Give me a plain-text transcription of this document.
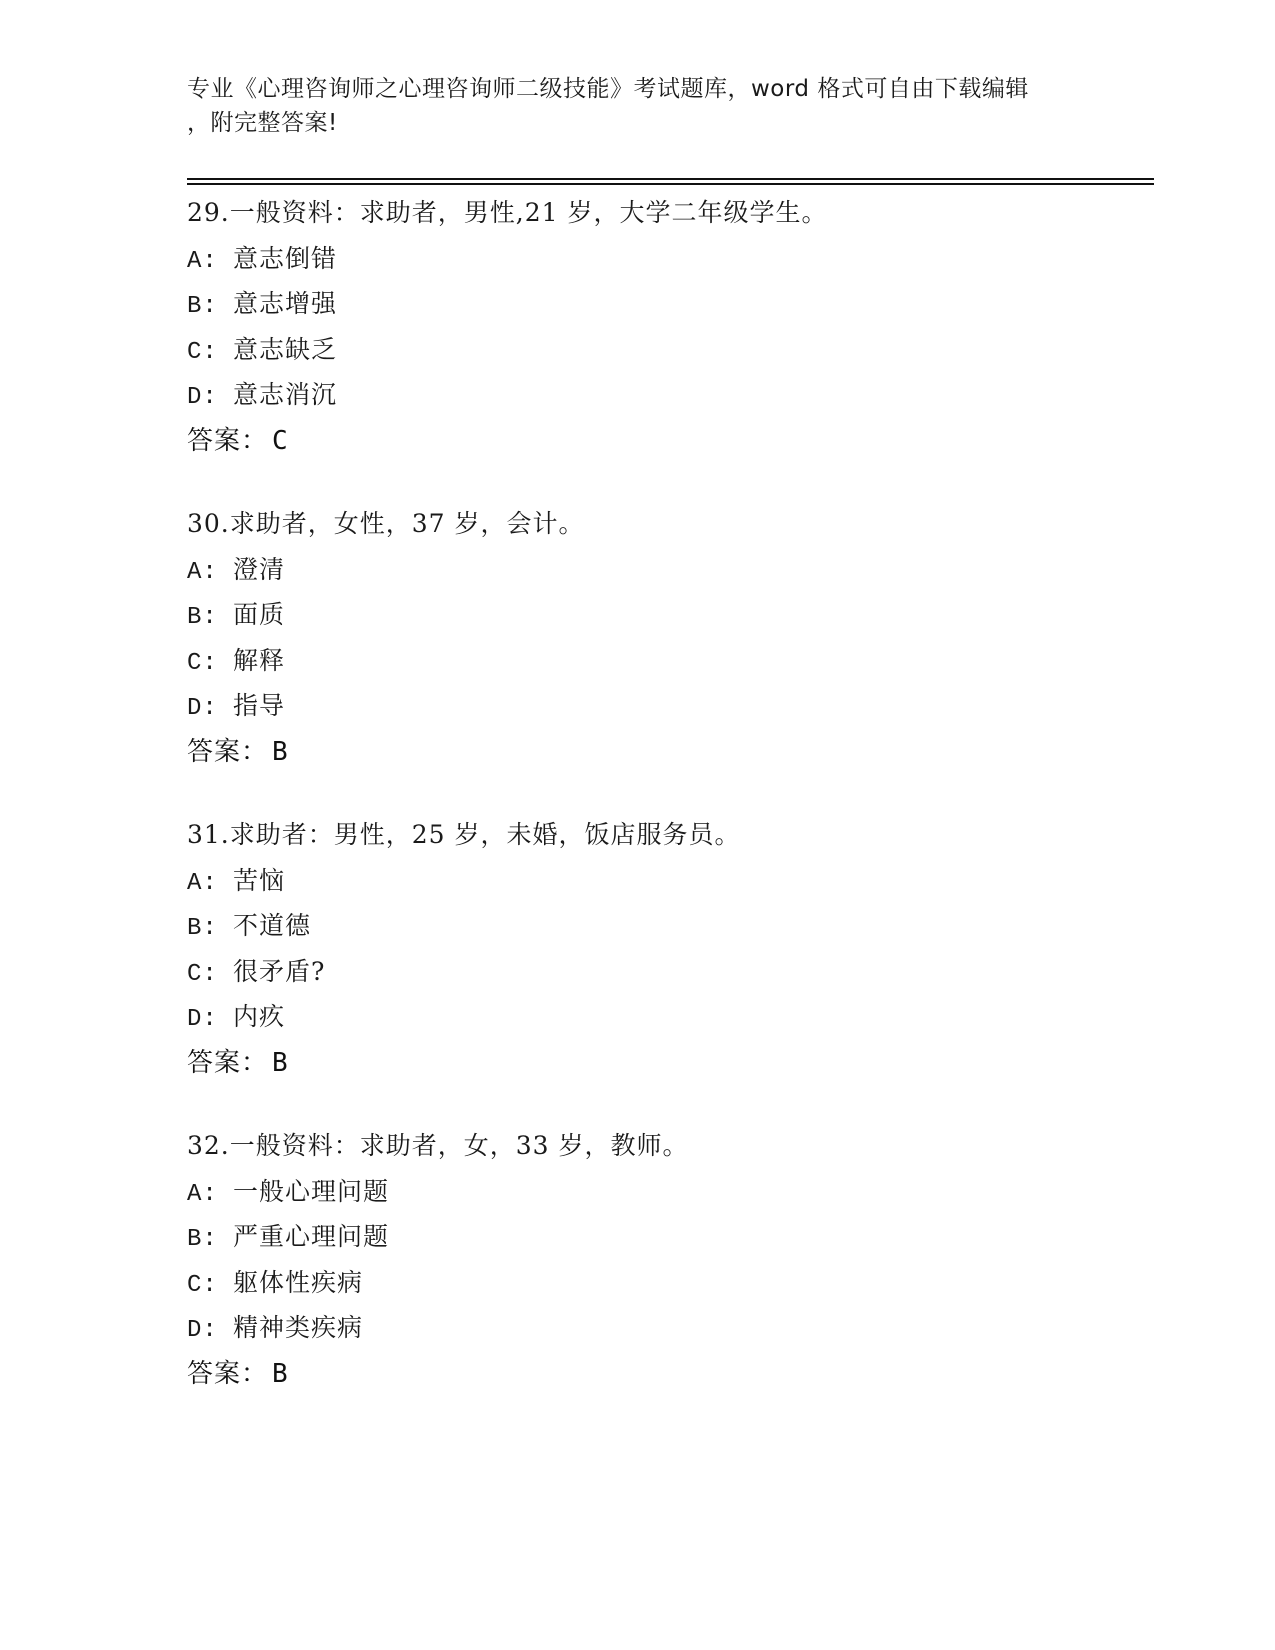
专业《心理咨询师之心理咨询师二级技能》考试题库，word 格式可自由下载编辑
，附完整答案!
29.一般资料：求助者，男性,21 岁，大学二年级学生。
A: 意志倒错
B: 意志增强
C: 意志缺乏
D: 意志消沉
答案： C
30.求助者，女性，37 岁，会计。
A: 澄清
B: 面质
C: 解释
D: 指导
答案： B
31.求助者：男性，25 岁，未婚，饭店服务员。
A: 苦恼
B: 不道德
C: 很矛盾?
D: 内疚
答案： B
32.一般资料：求助者，女，33 岁，教师。
A: 一般心理问题
B: 严重心理问题
C: 躯体性疾病
D: 精神类疾病
答案： B
